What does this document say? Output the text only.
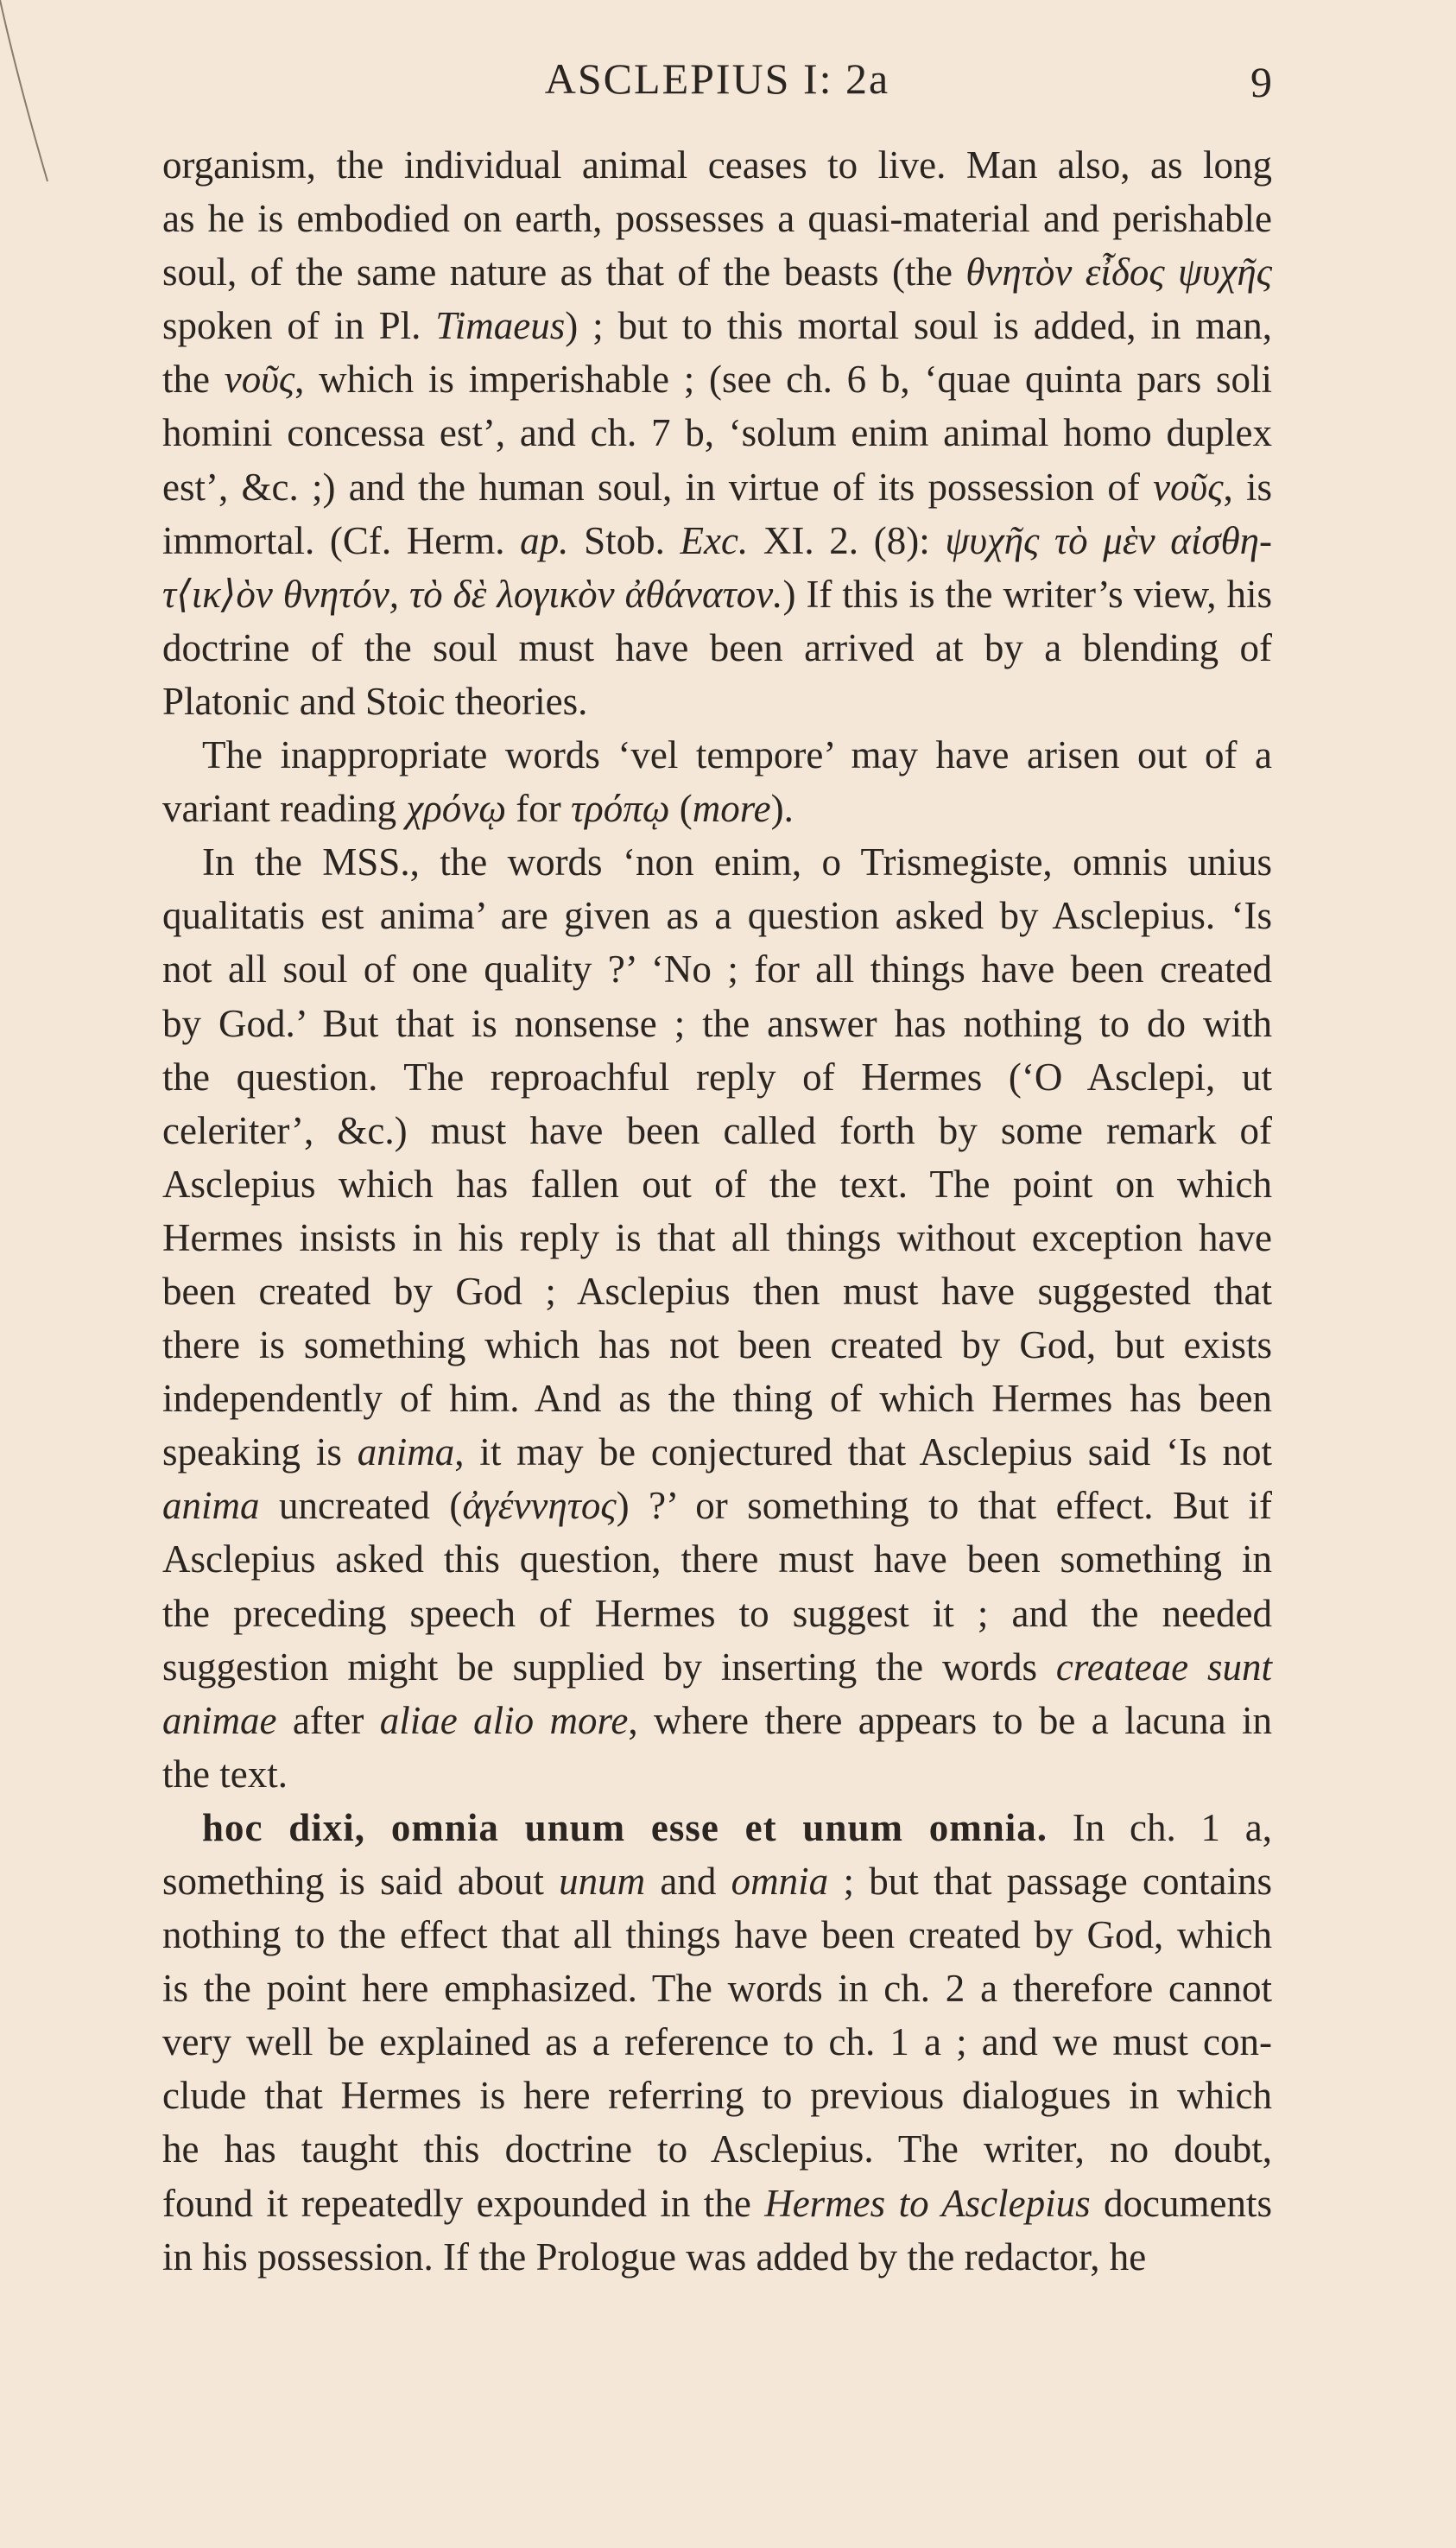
ASCLEPIUS I: 2a	9
organism, the individual animal ceases to live. Man also, as long
as he is embodied on earth, possesses a quasi-material and perishable
soul, of the same nature as that of the beasts (the θνητὸν εἶδος ψυχῆς
spoken of in Pl. Timaeus) ; but to this mortal soul is added, in man,
the νοῦς, which is imperishable ; (see ch. 6 b, ‘quae quinta pars soli
homini concessa est’, and ch. 7 b, ‘solum enim animal homo duplex
est’, &c. ;) and the human soul, in virtue of its possession of νοῦς, is
immortal. (Cf. Herm. ap. Stob. Exc. XI. 2. (8): ψυχῆς τὸ μὲν αἰσθη-
τ⟨ικ⟩ὸν θνητόν, τὸ δὲ λογικὸν ἀθάνατον.) If this is the writer’s view, his
doctrine of the soul must have been arrived at by a blending of
Platonic and Stoic theories.
The inappropriate words ‘vel tempore’ may have arisen out of a
variant reading χρόνῳ for τρόπῳ (more).
In the MSS., the words ‘non enim, o Trismegiste, omnis unius
qualitatis est anima’ are given as a question asked by Asclepius. ‘Is
not all soul of one quality ?’ ‘No ; for all things have been created
by God.’ But that is nonsense ; the answer has nothing to do with
the question. The reproachful reply of Hermes (‘O Asclepi, ut
celeriter’, &c.) must have been called forth by some remark of
Asclepius which has fallen out of the text. The point on which
Hermes insists in his reply is that all things without exception have
been created by God ; Asclepius then must have suggested that
there is something which has not been created by God, but exists
independently of him. And as the thing of which Hermes has been
speaking is anima, it may be conjectured that Asclepius said ‘Is not
anima uncreated (ἀγέννητος) ?’ or something to that effect. But if
Asclepius asked this question, there must have been something in
the preceding speech of Hermes to suggest it ; and the needed
suggestion might be supplied by inserting the words createae sunt
animae after aliae alio more, where there appears to be a lacuna in
the text.
hoc dixi, omnia unum esse et unum omnia. In ch. 1 a,
something is said about unum and omnia ; but that passage contains
nothing to the effect that all things have been created by God, which
is the point here emphasized. The words in ch. 2 a therefore cannot
very well be explained as a reference to ch. 1 a ; and we must con-
clude that Hermes is here referring to previous dialogues in which
he has taught this doctrine to Asclepius. The writer, no doubt,
found it repeatedly expounded in the Hermes to Asclepius documents
in his possession. If the Prologue was added by the redactor, he
